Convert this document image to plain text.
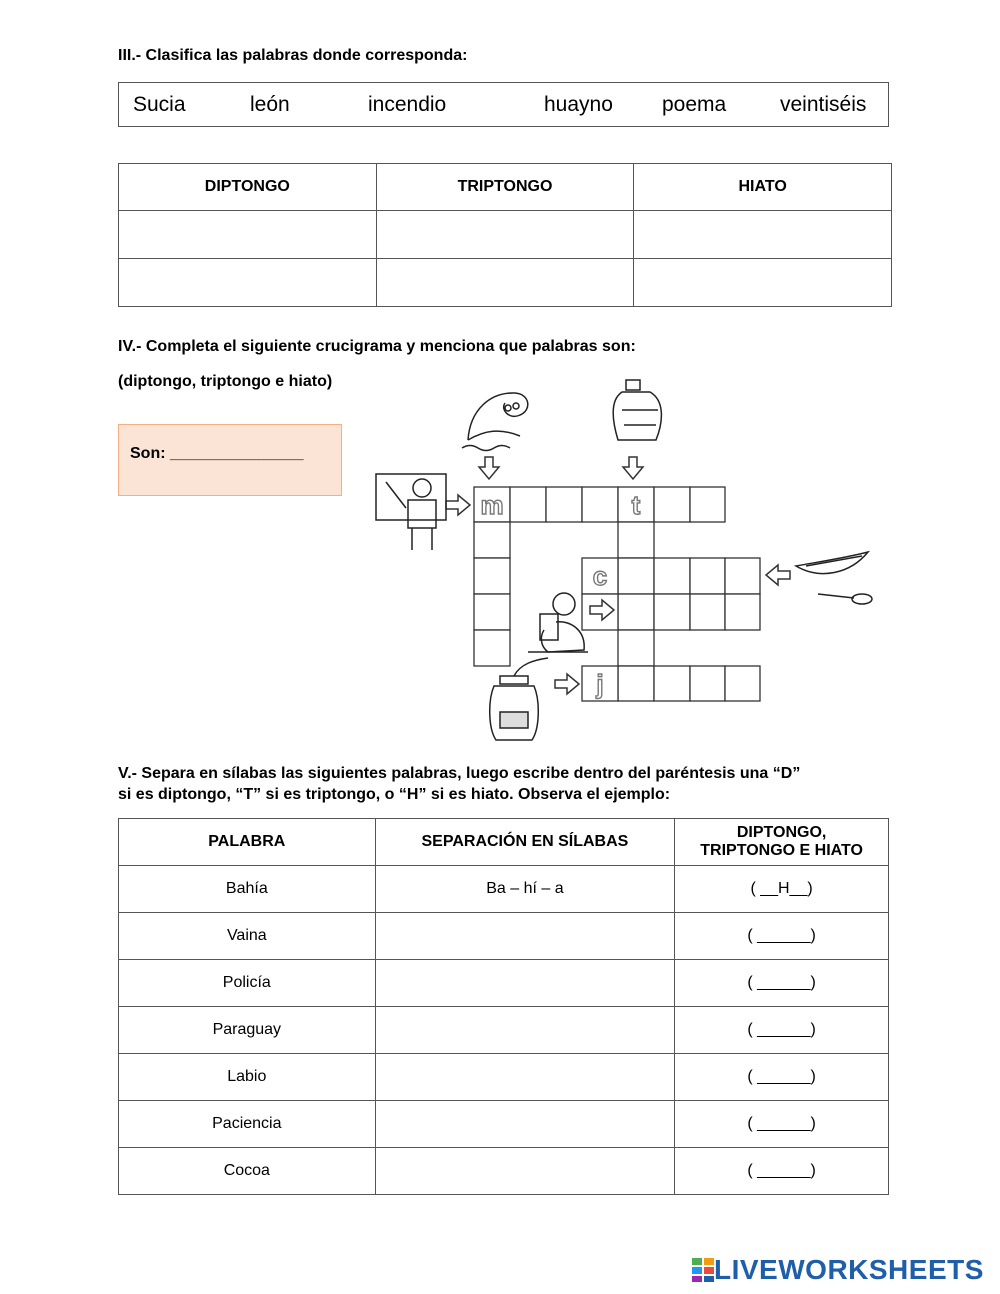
III.- Clasifica las palabras donde corresponda:
Sucia	león	incendio	huayno poema	veintiséis
DIPTONGO	TRIPTONGO	HIATO

IV.- Completa el siguiente crucigrama y menciona que palabras son:
(diptongo, triptongo e hiato)
Son: _______________
m	t
c
j
V.- Separa en sílabas las siguientes palabras, luego escribe dentro del paréntesis una “D”
si es diptongo, “T” si es triptongo, o “H” si es hiato. Observa el ejemplo:
PALABRA	SEPARACIÓN EN SÍLABAS	DIPTONGO,
TRIPTONGO E HIATO

Bahía	Ba – hí – a	( __H__)
Vaina		( ______)
Policía		( ______)
Paraguay		( ______)
Labio		( ______)
Paciencia		( ______)
Cocoa		( ______)
LIVEWORKSHEETS
